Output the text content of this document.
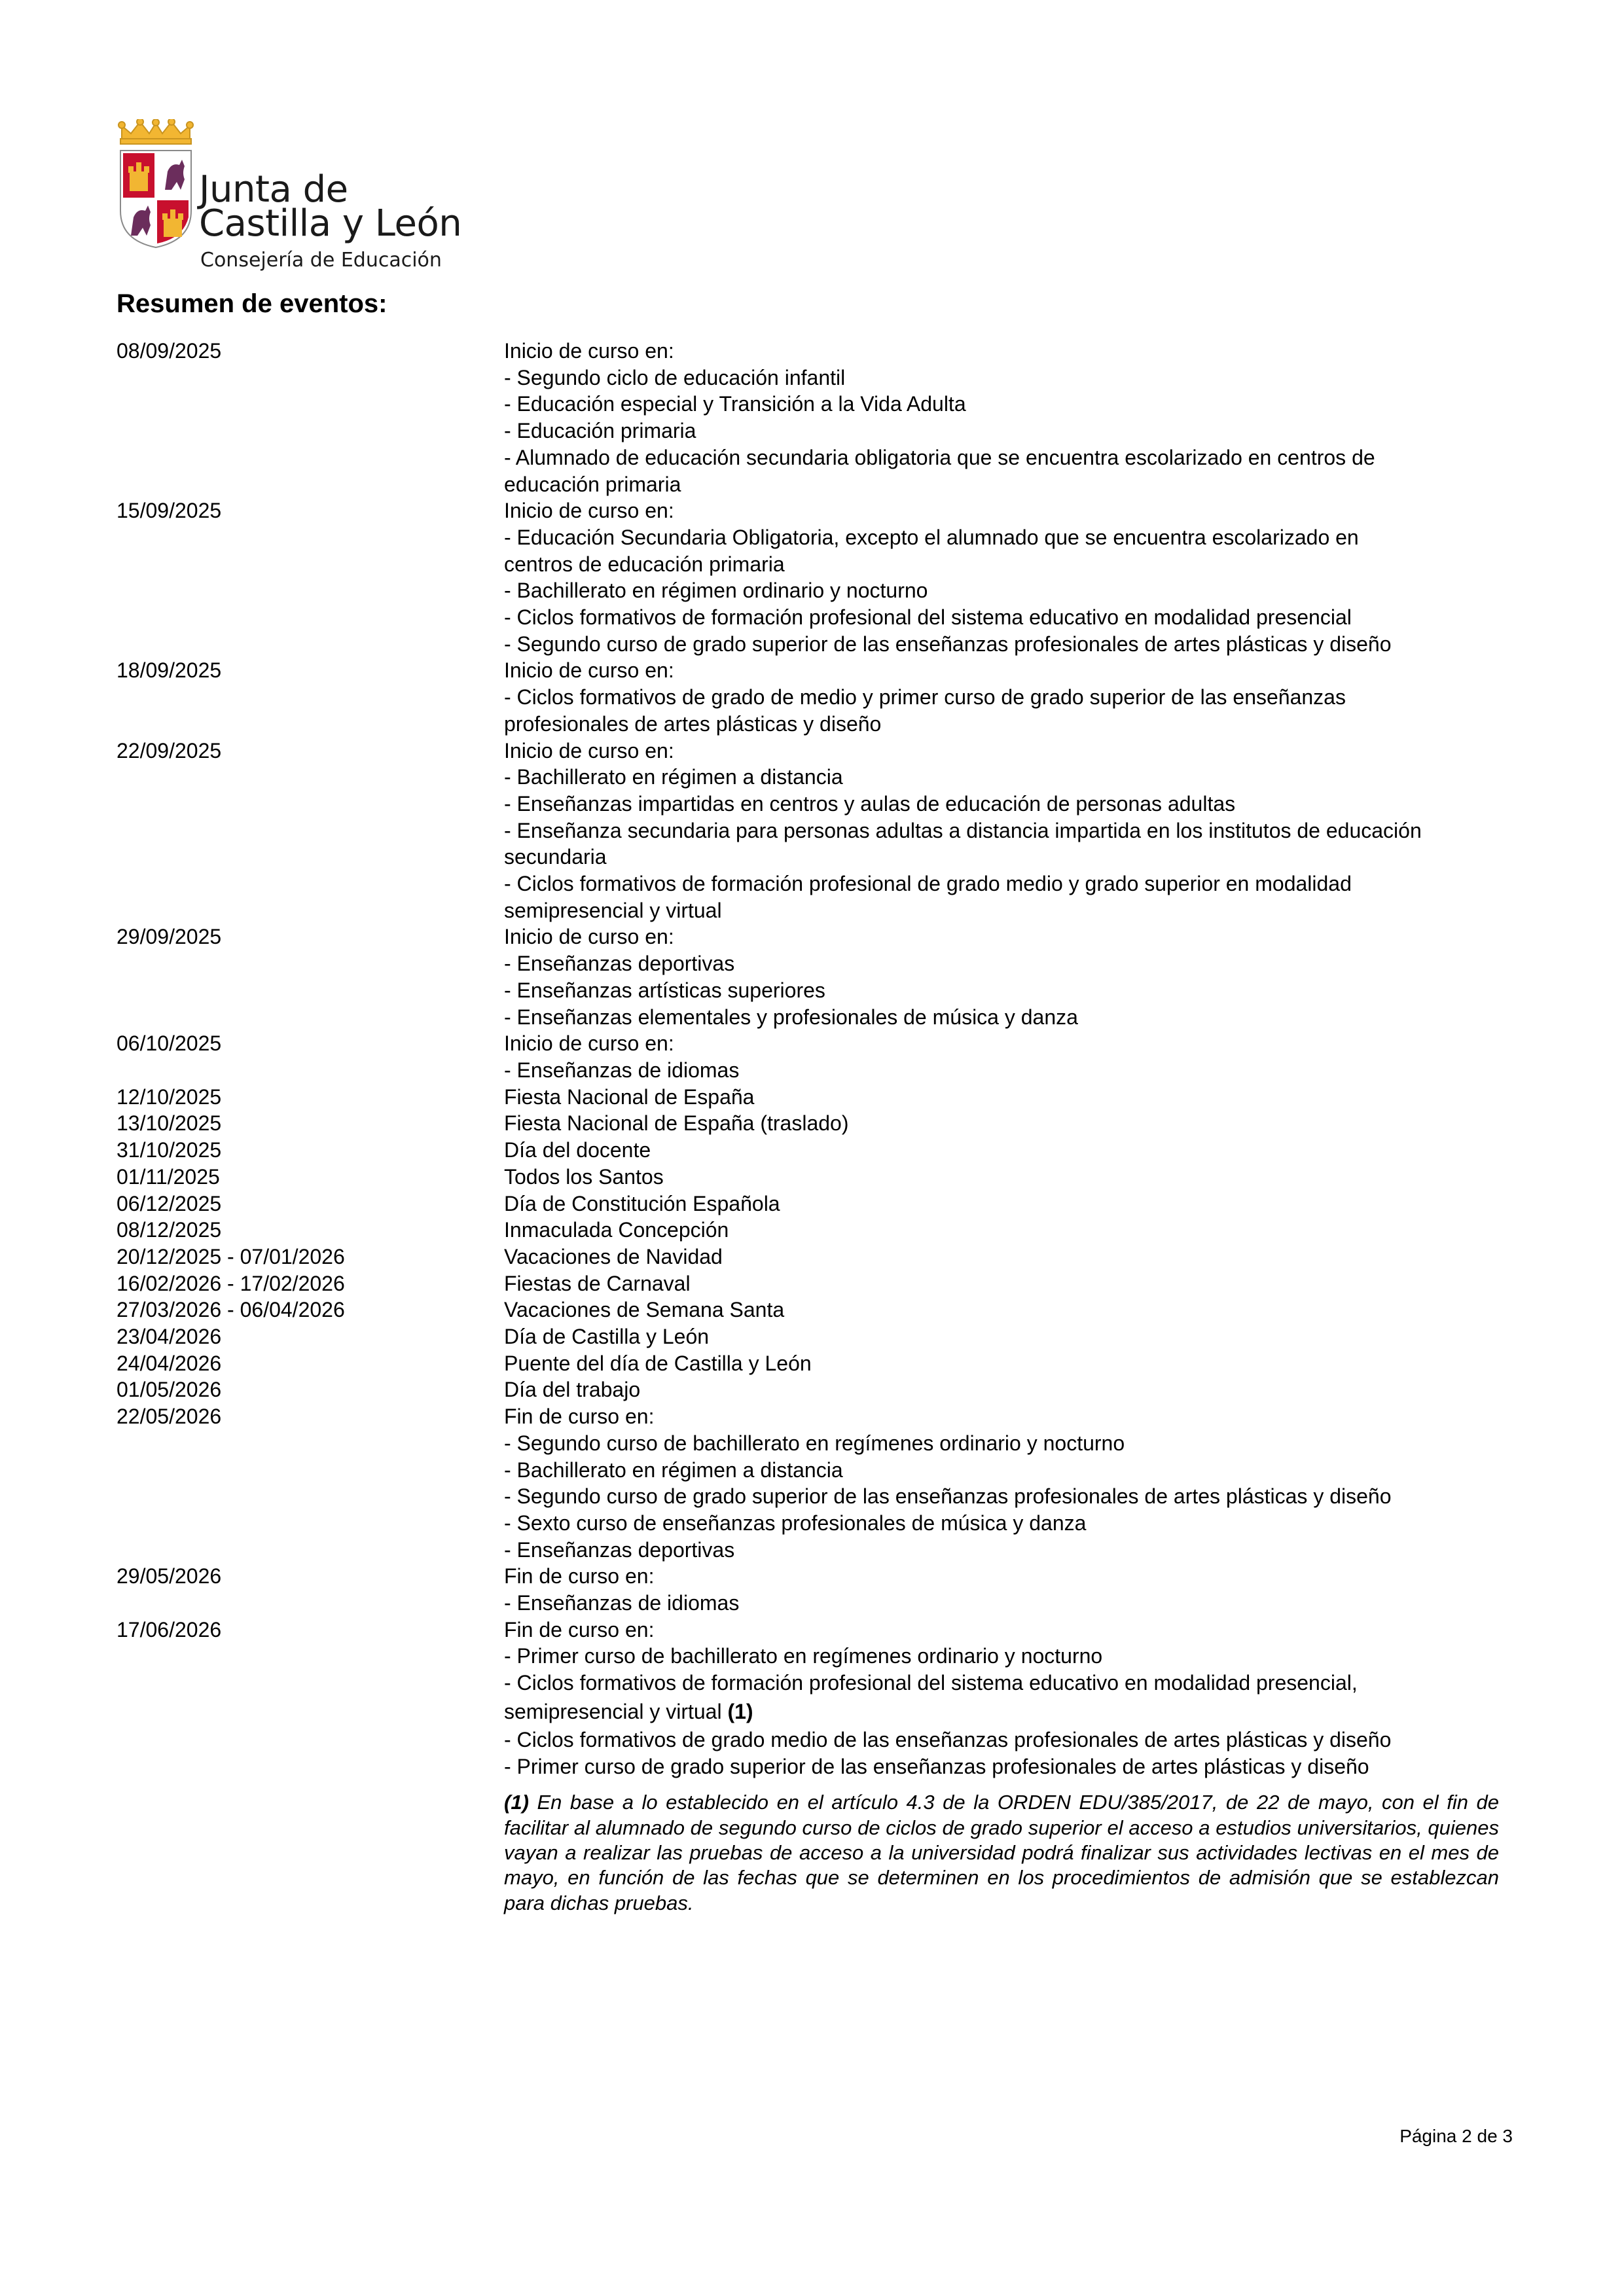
Junta de
Castilla y León
Consejería de Educación
Resumen de eventos:
08/09/2025	Inicio de curso en:
- Segundo ciclo de educación infantil
- Educación especial y Transición a la Vida Adulta
- Educación primaria
- Alumnado de educación secundaria obligatoria que se encuentra escolarizado en centros de
educación primaria
15/09/2025	Inicio de curso en:
- Educación Secundaria Obligatoria, excepto el alumnado que se encuentra escolarizado en
centros de educación primaria
- Bachillerato en régimen ordinario y nocturno
- Ciclos formativos de formación profesional del sistema educativo en modalidad presencial
- Segundo curso de grado superior de las enseñanzas profesionales de artes plásticas y diseño
18/09/2025	Inicio de curso en:
- Ciclos formativos de grado de medio y primer curso de grado superior de las enseñanzas
profesionales de artes plásticas y diseño
22/09/2025	Inicio de curso en:
- Bachillerato en régimen a distancia
- Enseñanzas impartidas en centros y aulas de educación de personas adultas
- Enseñanza secundaria para personas adultas a distancia impartida en los institutos de educación
secundaria
- Ciclos formativos de formación profesional de grado medio y grado superior en modalidad
semipresencial y virtual
29/09/2025	Inicio de curso en:
- Enseñanzas deportivas
- Enseñanzas artísticas superiores
- Enseñanzas elementales y profesionales de música y danza
06/10/2025	Inicio de curso en:
- Enseñanzas de idiomas
12/10/2025	Fiesta Nacional de España
13/10/2025	Fiesta Nacional de España (traslado)
31/10/2025	Día del docente
01/11/2025	Todos los Santos
06/12/2025	Día de Constitución Española
08/12/2025	Inmaculada Concepción
20/12/2025 - 07/01/2026	Vacaciones de Navidad
16/02/2026 - 17/02/2026	Fiestas de Carnaval
27/03/2026 - 06/04/2026	Vacaciones de Semana Santa
23/04/2026	Día de Castilla y León
24/04/2026	Puente del día de Castilla y León
01/05/2026	Día del trabajo
22/05/2026	Fin de curso en:
- Segundo curso de bachillerato en regímenes ordinario y nocturno
- Bachillerato en régimen a distancia
- Segundo curso de grado superior de las enseñanzas profesionales de artes plásticas y diseño
- Sexto curso de enseñanzas profesionales de música y danza
- Enseñanzas deportivas
29/05/2026	Fin de curso en:
- Enseñanzas de idiomas
17/06/2026	Fin de curso en:
- Primer curso de bachillerato en regímenes ordinario y nocturno
- Ciclos formativos de formación profesional del sistema educativo en modalidad presencial,
semipresencial y virtual (1)
- Ciclos formativos de grado medio de las enseñanzas profesionales de artes plásticas y diseño
- Primer curso de grado superior de las enseñanzas profesionales de artes plásticas y diseño
(1) En base a lo establecido en el artículo 4.3 de la ORDEN EDU/385/2017, de 22 de mayo, con el fin de facilitar al alumnado de segundo curso de ciclos de grado superior el acceso a estudios universitarios, quienes vayan a realizar las pruebas de acceso a la universidad podrá finalizar sus actividades lectivas en el mes de mayo, en función de las fechas que se determinen en los procedimientos de admisión que se establezcan para dichas pruebas.
Página 2 de 3
